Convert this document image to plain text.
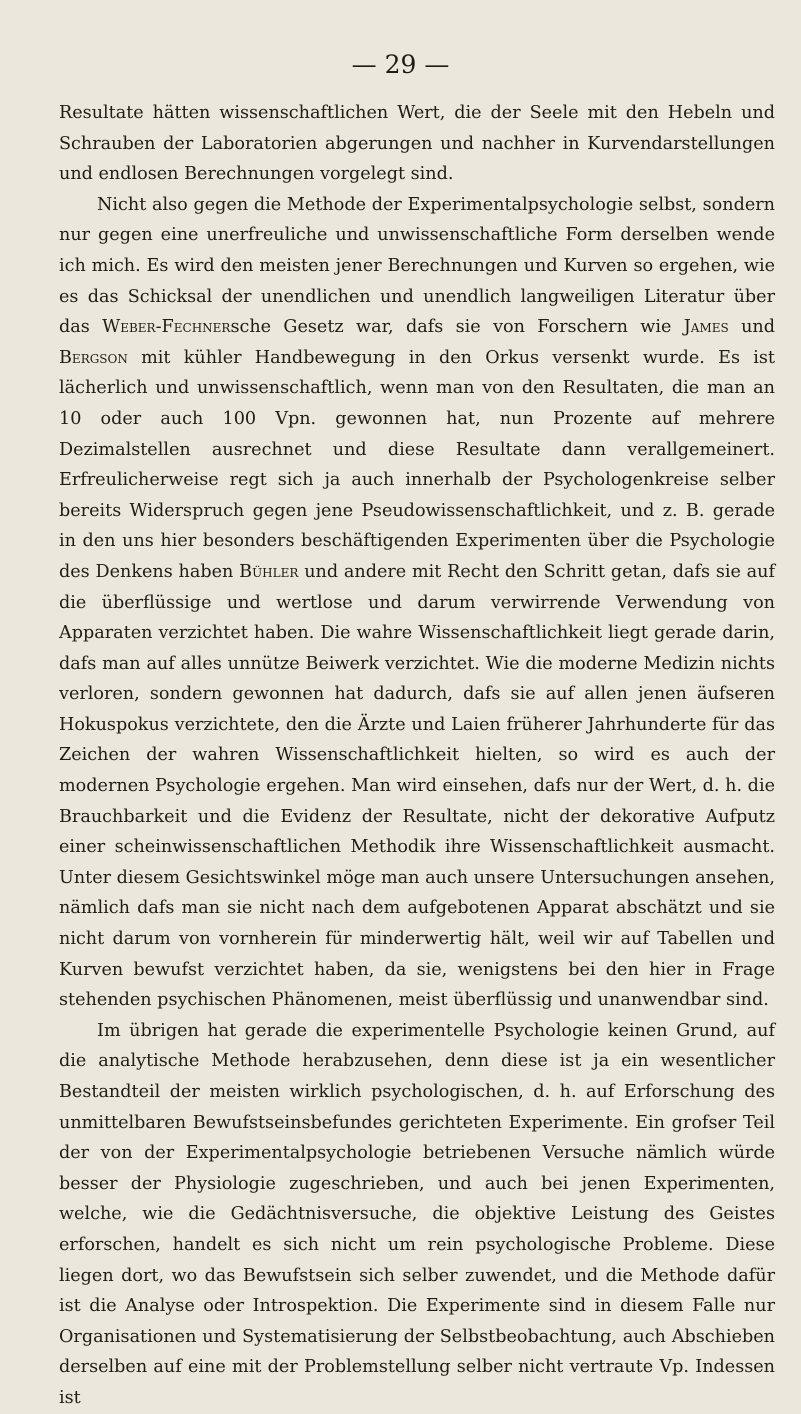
— 29 —

Resultate hätten wissenschaftlichen Wert, die der Seele mit den Hebeln und Schrauben der Laboratorien abgerungen und nachher in Kurvendarstellungen und endlosen Berechnungen vorgelegt sind.

Nicht also gegen die Methode der Experimentalpsychologie selbst, sondern nur gegen eine unerfreuliche und unwissenschaftliche Form derselben wende ich mich. Es wird den meisten jener Berechnungen und Kurven so ergehen, wie es das Schicksal der unendlichen und unendlich langweiligen Literatur über das Weber-Fechnersche Gesetz war, dafs sie von Forschern wie James und Bergson mit kühler Handbewegung in den Orkus versenkt wurde. Es ist lächerlich und unwissenschaftlich, wenn man von den Resultaten, die man an 10 oder auch 100 Vpn. gewonnen hat, nun Prozente auf mehrere Dezimalstellen ausrechnet und diese Resultate dann verallgemeinert. Erfreulicherweise regt sich ja auch innerhalb der Psychologenkreise selber bereits Widerspruch gegen jene Pseudowissenschaftlichkeit, und z. B. gerade in den uns hier besonders beschäftigenden Experimenten über die Psychologie des Denkens haben Bühler und andere mit Recht den Schritt getan, dafs sie auf die überflüssige und wertlose und darum verwirrende Verwendung von Apparaten verzichtet haben. Die wahre Wissenschaftlichkeit liegt gerade darin, dafs man auf alles unnütze Beiwerk verzichtet. Wie die moderne Medizin nichts verloren, sondern gewonnen hat dadurch, dafs sie auf allen jenen äufseren Hokuspokus verzichtete, den die Ärzte und Laien früherer Jahrhunderte für das Zeichen der wahren Wissenschaftlichkeit hielten, so wird es auch der modernen Psychologie ergehen. Man wird einsehen, dafs nur der Wert, d. h. die Brauchbarkeit und die Evidenz der Resultate, nicht der dekorative Aufputz einer scheinwissenschaftlichen Methodik ihre Wissenschaftlichkeit ausmacht. Unter diesem Gesichtswinkel möge man auch unsere Untersuchungen ansehen, nämlich dafs man sie nicht nach dem aufgebotenen Apparat abschätzt und sie nicht darum von vornherein für minderwertig hält, weil wir auf Tabellen und Kurven bewufst verzichtet haben, da sie, wenigstens bei den hier in Frage stehenden psychischen Phänomenen, meist überflüssig und unanwendbar sind.

Im übrigen hat gerade die experimentelle Psychologie keinen Grund, auf die analytische Methode herabzusehen, denn diese ist ja ein wesentlicher Bestandteil der meisten wirklich psychologischen, d. h. auf Erforschung des unmittelbaren Bewufstseinsbefundes gerichteten Experimente. Ein grofser Teil der von der Experimentalpsychologie betriebenen Versuche nämlich würde besser der Physiologie zugeschrieben, und auch bei jenen Experimenten, welche, wie die Gedächtnisversuche, die objektive Leistung des Geistes erforschen, handelt es sich nicht um rein psychologische Probleme. Diese liegen dort, wo das Bewufstsein sich selber zuwendet, und die Methode dafür ist die Analyse oder Introspektion. Die Experimente sind in diesem Falle nur Organisationen und Systematisierung der Selbstbeobachtung, auch Abschieben derselben auf eine mit der Problemstellung selber nicht vertraute Vp. Indessen ist
